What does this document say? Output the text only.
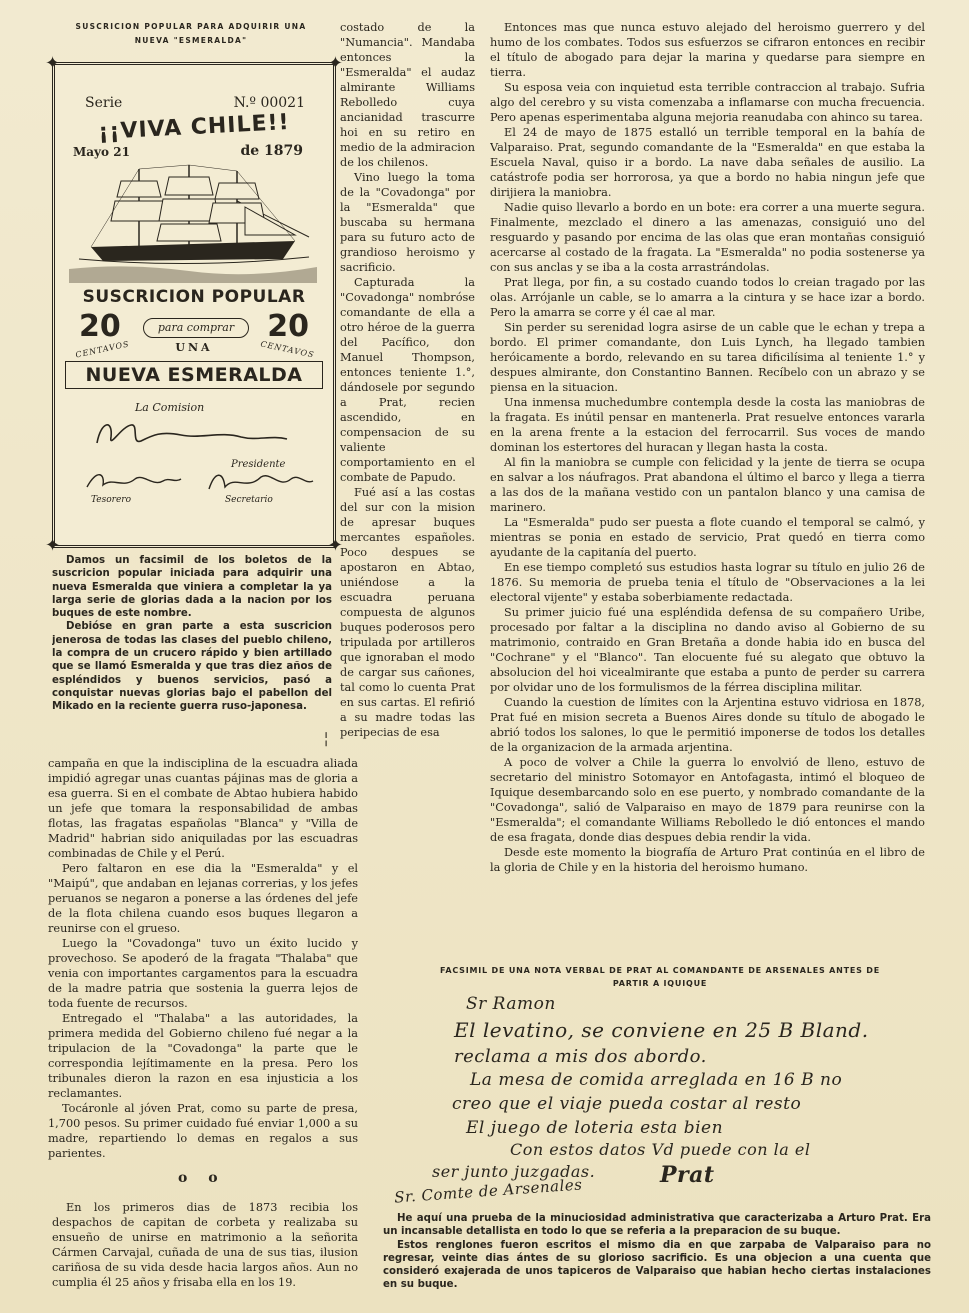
SUSCRICION POPULAR PARA ADQUIRIR UNA
NUEVA "ESMERALDA"
✦	✦
✦	✦
Serie	N.º 00021
¡¡VIVA CHILE!!
Mayo 21	de 1879
SUSCRICION POPULAR
20	20
para comprar
UNA
CENTAVOS	CENTAVOS
NUEVA ESMERALDA
La Comision
Presidente
Tesorero	Secretario

Damos un facsimil de los boletos de la suscricion popular iniciada para adquirir una nueva Esmeralda que viniera a completar la ya larga serie de glorias dada a la nacion por los buques de este nombre.

Debióse en gran parte a esta suscricion jenerosa de todas las clases del pueblo chileno, la compra de un crucero rápido y bien artillado que se llamó Esmeralda y que tras diez años de espléndidos y buenos servicios, pasó a conquistar nuevas glorias bajo el pabellon del Mikado en la reciente guerra ruso-japonesa.

costado de la "Numancia". Mandaba entonces la "Esmeralda" el audaz almirante Williams Rebolledo cuya ancianidad trascurre hoi en su retiro en medio de la admiracion de los chilenos.

Vino luego la toma de la "Covadonga" por la "Esmeralda" que buscaba su hermana para su futuro acto de grandioso heroismo y sacrificio.

Capturada la "Covadonga" nombróse comandante de ella a otro héroe de la guerra del Pacífico, don Manuel Thompson, entonces teniente 1.°, dándosele por segundo a Prat, recien ascendido, en compensacion de su valiente comportamiento en el combate de Papudo.

Fué así a las costas del sur con la mision de apresar buques mercantes españoles. Poco despues se apostaron en Abtao, uniéndose a la escuadra peruana compuesta de algunos buques poderosos pero tripulada por artilleros que ignoraban el modo de cargar sus cañones, tal como lo cuenta Prat en sus cartas. El refirió a su madre todas las peripecias de esa

╎

campaña en que la indisciplina de la escuadra aliada impidió agregar unas cuantas pájinas mas de gloria a esa guerra. Si en el combate de Abtao hubiera habido un jefe que tomara la responsabilidad de ambas flotas, las fragatas españolas "Blanca" y "Villa de Madrid" habrian sido aniquiladas por las escuadras combinadas de Chile y el Perú.

Pero faltaron en ese dia la "Esmeralda" y el "Maipú", que andaban en lejanas correrias, y los jefes peruanos se negaron a ponerse a las órdenes del jefe de la flota chilena cuando esos buques llegaron a reunirse con el grueso.

Luego la "Covadonga" tuvo un éxito lucido y provechoso. Se apoderó de la fragata "Thalaba" que venia con importantes cargamentos para la escuadra de la madre patria que sostenia la guerra lejos de toda fuente de recursos.

Entregado el "Thalaba" a las autoridades, la primera medida del Gobierno chileno fué negar a la tripulacion de la "Covadonga" la parte que le correspondia lejítimamente en la presa. Pero los tribunales dieron la razon en esa injusticia a los reclamantes.

Tocáronle al jóven Prat, como su parte de presa, 1,700 pesos. Su primer cuidado fué enviar 1,000 a su madre, repartiendo lo demas en regalos a sus parientes.

o o

En los primeros dias de 1873 recibia los despachos de capitan de corbeta y realizaba su ensueño de unirse en matrimonio a la señorita Cármen Carvajal, cuñada de una de sus tias, ilusion cariñosa de su vida desde hacia largos años. Aun no cumplia él 25 años y frisaba ella en los 19.

Entonces mas que nunca estuvo alejado del heroismo guerrero y del humo de los combates. Todos sus esfuerzos se cifraron entonces en recibir el título de abogado para dejar la marina y quedarse para siempre en tierra.

Su esposa veia con inquietud esta terrible contraccion al trabajo. Sufria algo del cerebro y su vista comenzaba a inflamarse con mucha frecuencia. Pero apenas esperimentaba alguna mejoria reanudaba con ahinco su tarea.

El 24 de mayo de 1875 estalló un terrible temporal en la bahía de Valparaiso. Prat, segundo comandante de la "Esmeralda" en que estaba la Escuela Naval, quiso ir a bordo. La nave daba señales de ausilio. La catástrofe podia ser horrorosa, ya que a bordo no habia ningun jefe que dirijiera la maniobra.

Nadie quiso llevarlo a bordo en un bote: era correr a una muerte segura. Finalmente, mezclado el dinero a las amenazas, consiguió uno del resguardo y pasando por encima de las olas que eran montañas consiguió acercarse al costado de la fragata. La "Esmeralda" no podia sostenerse ya con sus anclas y se iba a la costa arrastrándolas.

Prat llega, por fin, a su costado cuando todos lo creian tragado por las olas. Arrójanle un cable, se lo amarra a la cintura y se hace izar a bordo. Pero la amarra se corre y él cae al mar.

Sin perder su serenidad logra asirse de un cable que le echan y trepa a bordo. El primer comandante, don Luis Lynch, ha llegado tambien heróicamente a bordo, relevando en su tarea dificilísima al teniente 1.° y despues almirante, don Constantino Bannen. Recíbelo con un abrazo y se piensa en la situacion.

Una inmensa muchedumbre contempla desde la costa las maniobras de la fragata. Es inútil pensar en mantenerla. Prat resuelve entonces vararla en la arena frente a la estacion del ferrocarril. Sus voces de mando dominan los estertores del huracan y llegan hasta la costa.

Al fin la maniobra se cumple con felicidad y la jente de tierra se ocupa en salvar a los náufragos. Prat abandona el último el barco y llega a tierra a las dos de la mañana vestido con un pantalon blanco y una camisa de marinero.

La "Esmeralda" pudo ser puesta a flote cuando el temporal se calmó, y mientras se ponia en estado de servicio, Prat quedó en tierra como ayudante de la capitanía del puerto.

En ese tiempo completó sus estudios hasta lograr su título en julio 26 de 1876. Su memoria de prueba tenia el título de "Observaciones a la lei electoral vijente" y estaba soberbiamente redactada.

Su primer juicio fué una espléndida defensa de su compañero Uribe, procesado por faltar a la disciplina no dando aviso al Gobierno de su matrimonio, contraido en Gran Bretaña a donde habia ido en busca del "Cochrane" y el "Blanco". Tan elocuente fué su alegato que obtuvo la absolucion del hoi vicealmirante que estaba a punto de perder su carrera por olvidar uno de los formulismos de la férrea disciplina militar.

Cuando la cuestion de límites con la Arjentina estuvo vidriosa en 1878, Prat fué en mision secreta a Buenos Aires donde su título de abogado le abrió todos los salones, lo que le permitió imponerse de todos los detalles de la organizacion de la armada arjentina.

A poco de volver a Chile la guerra lo envolvió de lleno, estuvo de secretario del ministro Sotomayor en Antofagasta, intimó el bloqueo de Iquique desembarcando solo en ese puerto, y nombrado comandante de la "Covadonga", salió de Valparaiso en mayo de 1879 para reunirse con la "Esmeralda"; el comandante Williams Rebolledo le dió entonces el mando de esa fragata, donde dias despues debia rendir la vida.

Desde este momento la biografía de Arturo Prat continúa en el libro de la gloria de Chile y en la historia del heroismo humano.

FACSIMIL DE UNA NOTA VERBAL DE PRAT AL COMANDANTE DE ARSENALES ANTES DE
PARTIR A IQUIQUE
Sr Ramon
El levatino, se conviene en 25 B Bland.
reclama a mis dos abordo.
La mesa de comida arreglada en 16 B no
creo que el viaje pueda costar al resto
El juego de loteria esta bien
Con estos datos Vd puede con la el
ser junto juzgadas.	Prat
Sr. Comte de Arsenales

He aquí una prueba de la minuciosidad administrativa que caracterizaba a Arturo Prat. Era un incansable detallista en todo lo que se referia a la preparacion de su buque.

Estos renglones fueron escritos el mismo dia en que zarpaba de Valparaiso para no regresar, veinte dias ántes de su glorioso sacrificio. Es una objecion a una cuenta que consideró exajerada de unos tapiceros de Valparaiso que habian hecho ciertas instalaciones en su buque.
